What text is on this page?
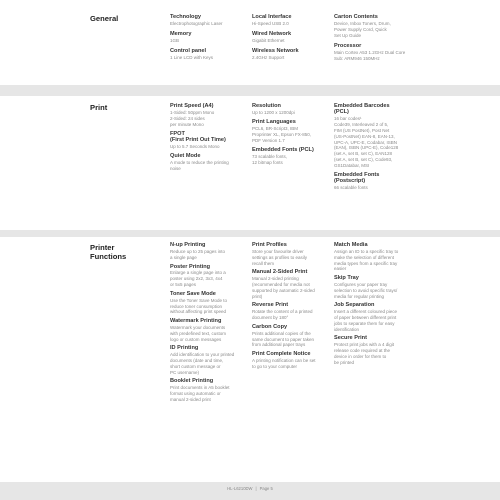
General	Technology
Electrophotographic Laser
Memory
1GB
Control panel
1 Line LCD with Keys
Local Interface
Hi-Speed USB 2.0
Wired Network
Gigabit Ethernet
Wireless Network
2.4GHz Support
Carton Contents
Device, Inbox Toners, Drum,
Power Supply Cord, Quick
Set Up Guide
Processor
Main Cortex A53 1.2GHz Dual Core
Sub: ARM946 150MHz
Print	Print Speed (A4)
1-Sided: 50ppm Mono
2-Sided: 24 sides
per minute Mono
FPOT
(First Print Out Time)
Up to 5.7 Seconds Mono
Quiet Mode
A mode to reduce the printing
noise
Resolution
Up to 1200 x 1200dpi
Print Languages
PCL6, BR-Script3, IBM
Proprinter XL, Epson FX-850,
PDF Version 1.7
Embedded Fonts (PCL)
73 scalable fonts,
12 bitmap fonts
Embedded Barcodes
(PCL)
16 bar codes¹
Code39, Interleaved 2 of 5,
FIM (US PostNet), Post Net
(US-PostNet) EAN-8, EAN-13,
UPC-A, UPC-E, Codabar, ISBN
(EAN), ISBN (UPC-E), Code128
(set A, set B, set C), EAN128
(set A, set B, set C), Code93,
GS1Databar, MSI
Embedded Fonts
(Postscript)
66 scalable fonts
Printer
Functions
N-up Printing
Reduce up to 25 pages into
a single page
Poster Printing
Enlarge a single page into a
poster using 2x2, 3x3, 4x4
or 5x5 pages
Toner Save Mode
Use the Toner Save Mode to
reduce toner consumption
without affecting print speed
Watermark Printing
Watermark your documents
with predefined text, custom
logo or custom messages
ID Printing
Add identification to your printed
documents (date and time,
short custom message or
PC username)
Booklet Printing
Print documents in A5 booklet
format using automatic or
manual 2-sided print
Print Profiles
Store your favourite driver
settings as profiles to easily
recall them
Manual 2-Sided Print
Manual 2-sided printing
(recommended for media not
supported by automatic 2-sided
print)
Reverse Print
Rotate the content of a printed
document by 180°
Carbon Copy
Prints additional copies of the
same document to paper taken
from additional paper trays
Print Complete Notice
A printing notification can be set
to go to your computer
Match Media
Assign an ID to a specific tray to
make the selection of different
media types from a specific tray
easier
Skip Tray
Configures your paper tray
selection to avoid specific trays/
media for regular printing
Job Separation
Insert a different coloured piece
of paper between different print
jobs to separate them for easy
identification
Secure Print
Protect print jobs with a 4 digit
release code required at the
device in order for them to
be printed
HL-L6210DW | Page 5
